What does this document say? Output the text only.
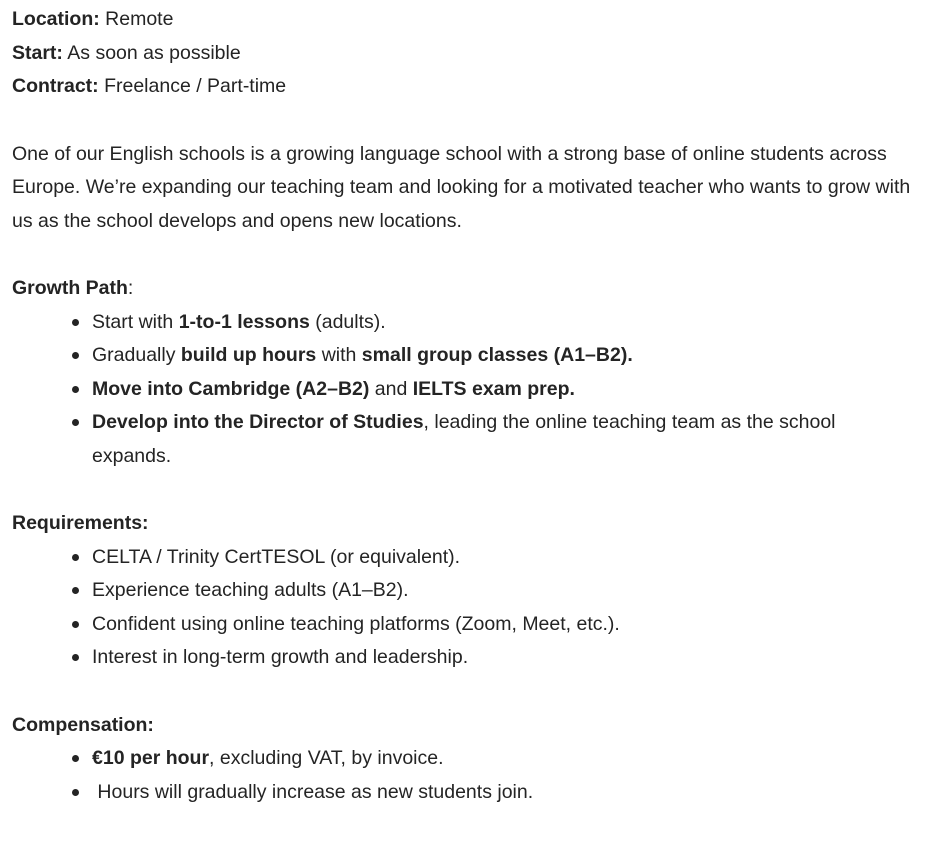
Location: Remote
Start: As soon as possible
Contract: Freelance / Part-time
One of our English schools is a growing language school with a strong base of online students across Europe. We’re expanding our teaching team and looking for a motivated teacher who wants to grow with us as the school develops and opens new locations.
Growth Path:
Start with 1-to-1 lessons (adults).
Gradually build up hours with small group classes (A1–B2).
Move into Cambridge (A2–B2) and IELTS exam prep.
Develop into the Director of Studies, leading the online teaching team as the school expands.
Requirements:
CELTA / Trinity CertTESOL (or equivalent).
Experience teaching adults (A1–B2).
Confident using online teaching platforms (Zoom, Meet, etc.).
Interest in long-term growth and leadership.
Compensation:
€10 per hour, excluding VAT, by invoice.
Hours will gradually increase as new students join.
